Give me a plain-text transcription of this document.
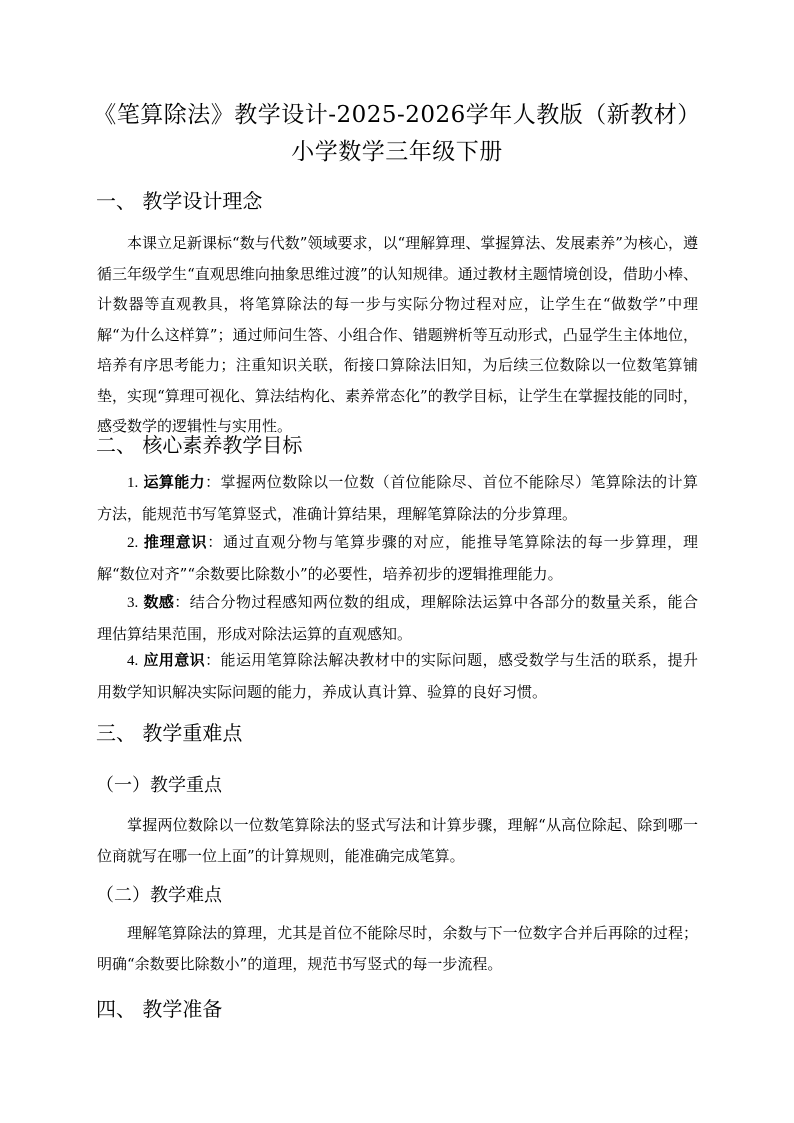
《笔算除法》教学设计-2025-2026学年人教版（新教材）
小学数学三年级下册
一、 教学设计理念

本课立足新课标“数与代数”领域要求，以“理解算理、掌握算法、发展素养”为核心，遵循三年级学生“直观思维向抽象思维过渡”的认知规律。通过教材主题情境创设，借助小棒、计数器等直观教具，将笔算除法的每一步与实际分物过程对应，让学生在“做数学”中理解“为什么这样算”；通过师问生答、小组合作、错题辨析等互动形式，凸显学生主体地位，培养有序思考能力；注重知识关联，衔接口算除法旧知，为后续三位数除以一位数笔算铺垫，实现“算理可视化、算法结构化、素养常态化”的教学目标，让学生在掌握技能的同时，感受数学的逻辑性与实用性。

二、 核心素养教学目标

1. 运算能力：掌握两位数除以一位数（首位能除尽、首位不能除尽）笔算除法的计算方法，能规范书写笔算竖式，准确计算结果，理解笔算除法的分步算理。

2. 推理意识：通过直观分物与笔算步骤的对应，能推导笔算除法的每一步算理，理解“数位对齐”“余数要比除数小”的必要性，培养初步的逻辑推理能力。

3. 数感：结合分物过程感知两位数的组成，理解除法运算中各部分的数量关系，能合理估算结果范围，形成对除法运算的直观感知。

4. 应用意识：能运用笔算除法解决教材中的实际问题，感受数学与生活的联系，提升用数学知识解决实际问题的能力，养成认真计算、验算的良好习惯。

三、 教学重难点
（一）教学重点

掌握两位数除以一位数笔算除法的竖式写法和计算步骤，理解“从高位除起、除到哪一位商就写在哪一位上面”的计算规则，能准确完成笔算。

（二）教学难点

理解笔算除法的算理，尤其是首位不能除尽时，余数与下一位数字合并后再除的过程；明确“余数要比除数小”的道理，规范书写竖式的每一步流程。

四、 教学准备
